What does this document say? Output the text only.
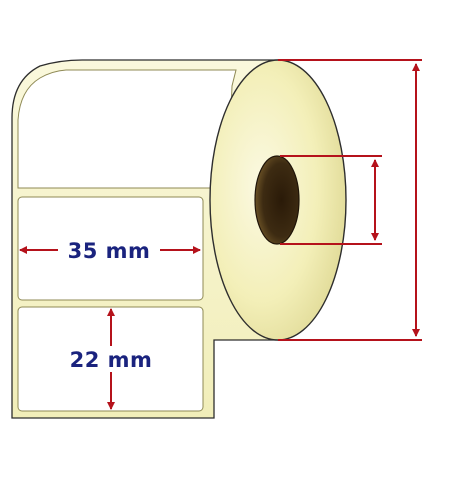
35 mm
22 mm
